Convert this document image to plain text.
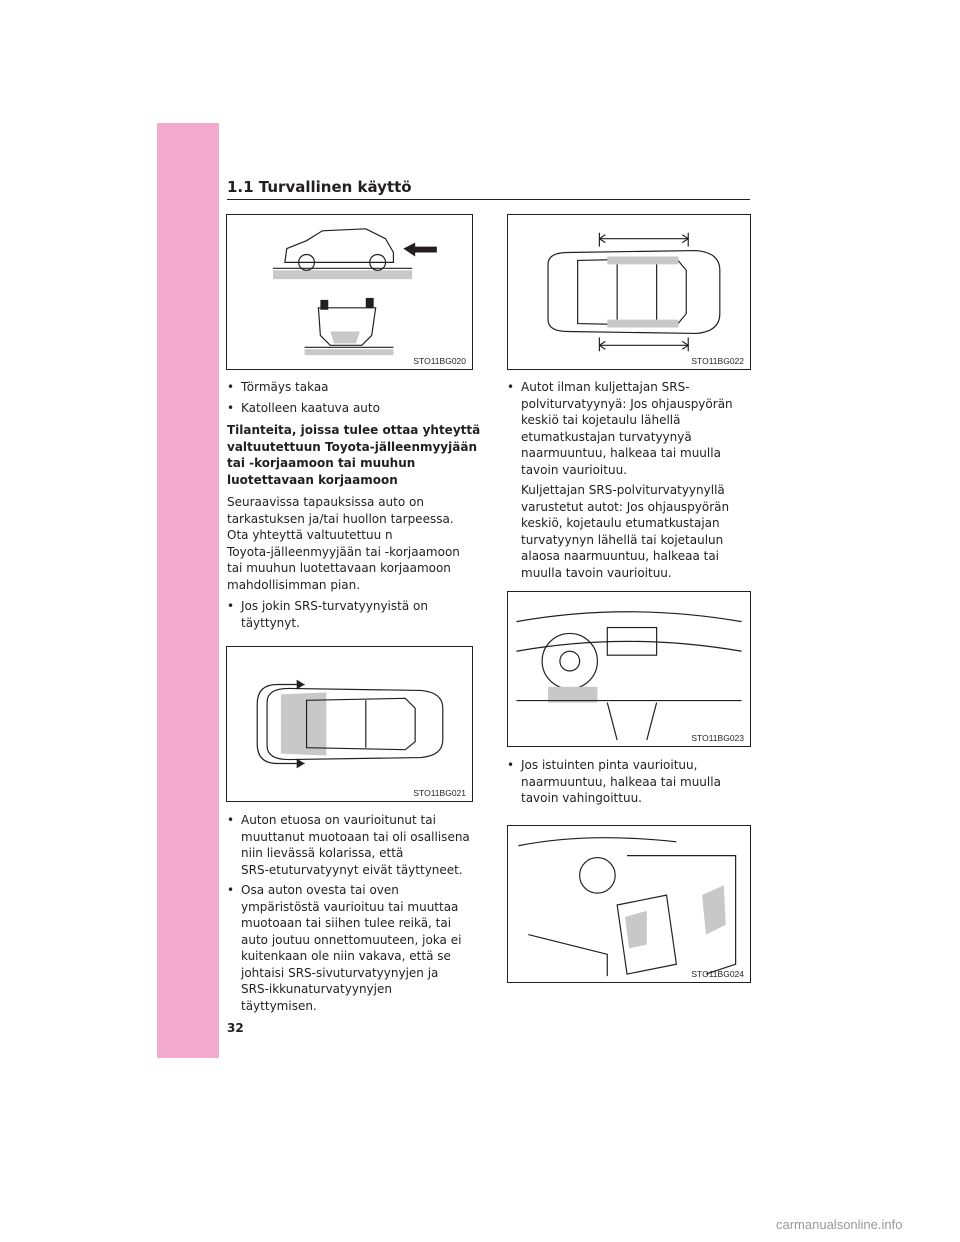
1.1 Turvallinen käyttö
STO11BG020	STO11BG022
• Törmäys takaa
• Katolleen kaatuva auto
Tilanteita, joissa tulee ottaa yhteyttä
valtuutettuun Toyota-jälleenmyyjään
tai -korjaamoon tai muuhun
luotettavaan korjaamoon

Seuraavissa tapauksissa auto on
tarkastuksen ja/tai huollon tarpeessa.
Ota yhteyttä valtuutettuu n
Toyota-jälleenmyyjään tai -korjaamoon
tai muuhun luotettavaan korjaamoon
mahdollisimman pian.

• Jos jokin SRS-turvatyynyistä on
täyttynyt.
STO11BG021
• Auton etuosa on vaurioitunut tai
muuttanut muotoaan tai oli osallisena
niin lievässä kolarissa, että
SRS-etuturvatyynyt eivät täyttyneet.
• Osa auton ovesta tai oven
ympäristöstä vaurioituu tai muuttaa
muotoaan tai siihen tulee reikä, tai
auto joutuu onnettomuuteen, joka ei
kuitenkaan ole niin vakava, että se
johtaisi SRS-sivuturvatyynyjen ja
SRS-ikkunaturvatyynyjen
täyttymisen.
• Autot ilman kuljettajan SRS-
polviturvatyynyä: Jos ohjauspyörän
keskiö tai kojetaulu lähellä
etumatkustajan turvatyynyä
naarmuuntuu, halkeaa tai muulla
tavoin vaurioituu.
Kuljettajan SRS-polviturvatyynyllä
varustetut autot: Jos ohjauspyörän
keskiö, kojetaulu etumatkustajan
turvatyynyn lähellä tai kojetaulun
alaosa naarmuuntuu, halkeaa tai
muulla tavoin vaurioituu.
STO11BG023
• Jos istuinten pinta vaurioituu,
naarmuuntuu, halkeaa tai muulla
tavoin vahingoittuu.
STO11BG024
32
carmanualsonline.info
